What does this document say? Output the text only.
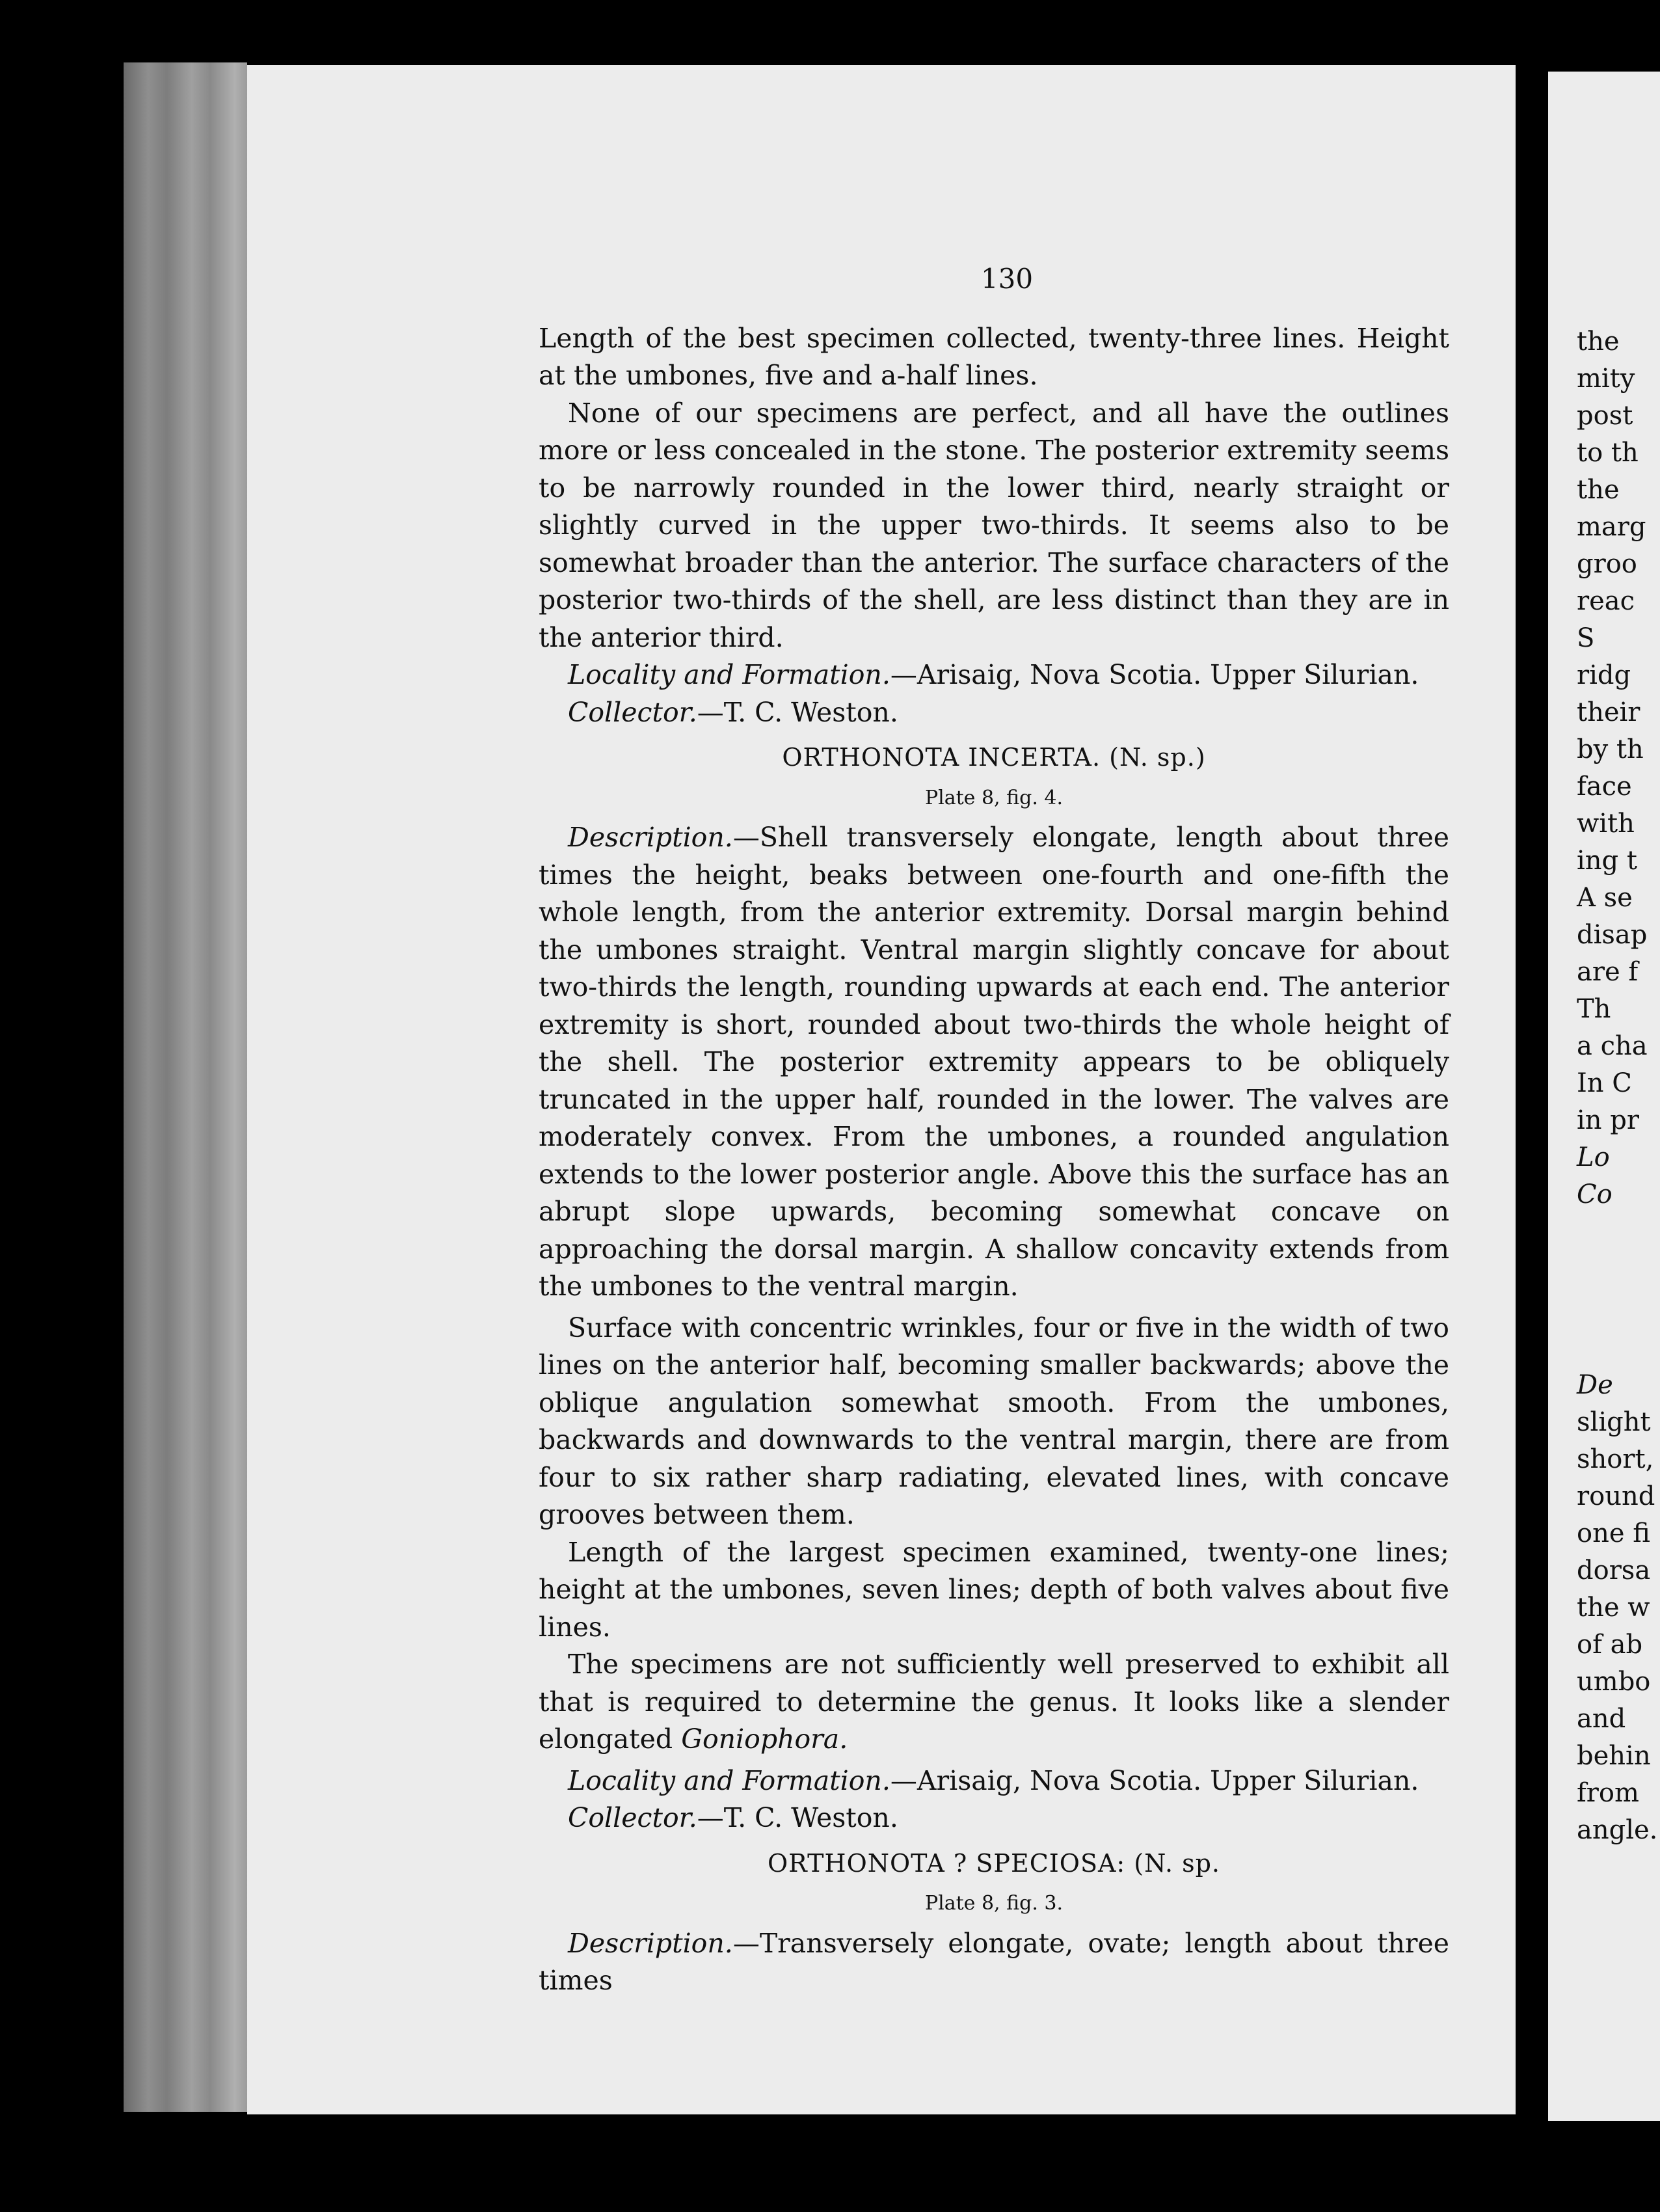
the
mity
post
to th
the
marg
groo
reac
S
ridg
their
by th
face
with
ing t
A se
disap
are f
Th
a cha
In C
in pr
Lo
Co
De
slight
short,
round
one fi
dorsa
the w
of ab
umbo
and
behin
from
angle.
130

Length of the best specimen collected, twenty-three lines. Height at the umbones, five and a-half lines.

None of our specimens are perfect, and all have the outlines more or less concealed in the stone. The posterior extremity seems to be narrowly rounded in the lower third, nearly straight or slightly curved in the upper two-thirds. It seems also to be somewhat broader than the anterior. The surface characters of the posterior two-thirds of the shell, are less distinct than they are in the anterior third.

Locality and Formation.—Arisaig, Nova Scotia. Upper Silurian.

Collector.—T. C. Weston.

ORTHONOTA INCERTA. (N. sp.)

Plate 8, fig. 4.

Description.—Shell transversely elongate, length about three times the height, beaks between one-fourth and one-fifth the whole length, from the anterior extremity. Dorsal margin behind the umbones straight. Ventral margin slightly concave for about two-thirds the length, rounding upwards at each end. The anterior extremity is short, rounded about two-thirds the whole height of the shell. The posterior extremity appears to be obliquely truncated in the upper half, rounded in the lower. The valves are moderately convex. From the umbones, a rounded angulation extends to the lower posterior angle. Above this the surface has an abrupt slope upwards, becoming somewhat concave on approaching the dorsal margin. A shallow concavity extends from the umbones to the ventral margin.

Surface with concentric wrinkles, four or five in the width of two lines on the anterior half, becoming smaller backwards; above the oblique angulation somewhat smooth. From the umbones, backwards and downwards to the ventral margin, there are from four to six rather sharp radiating, elevated lines, with concave grooves between them.

Length of the largest specimen examined, twenty-one lines; height at the umbones, seven lines; depth of both valves about five lines.

The specimens are not sufficiently well preserved to exhibit all that is required to determine the genus. It looks like a slender elongated Goniophora.

Locality and Formation.—Arisaig, Nova Scotia. Upper Silurian.

Collector.—T. C. Weston.

ORTHONOTA ? SPECIOSA: (N. sp.

Plate 8, fig. 3.

Description.—Transversely elongate, ovate; length about three times
